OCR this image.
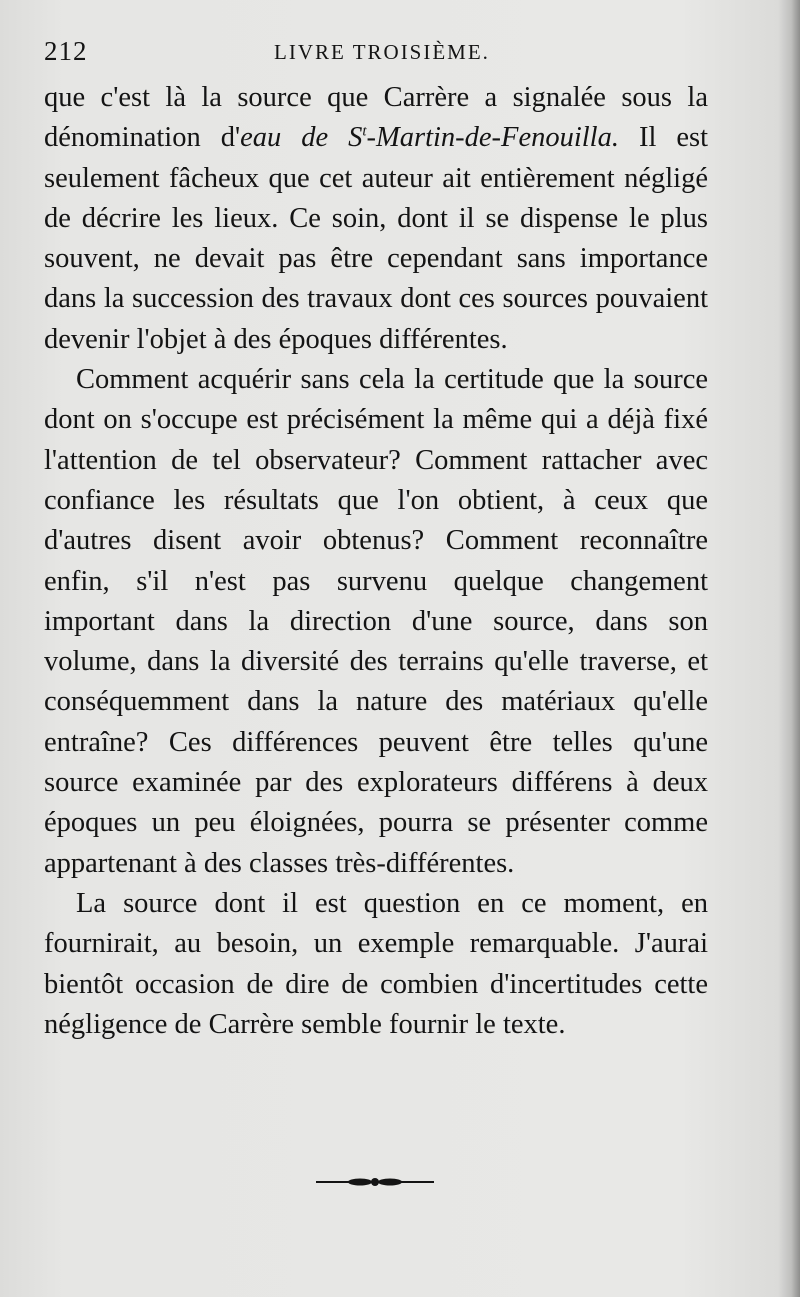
212	LIVRE TROISIÈME.

que c'est là la source que Carrère a signalée sous la dénomination d'eau de $S^t-Martin-de$-Fenouilla. Il est seulement fâcheux que cet auteur ait entièrement négligé de décrire les lieux. Ce soin, dont il se dispense le plus souvent, ne devait pas être cependant sans importance dans la succession des travaux dont ces sources pouvaient devenir l'objet à des époques différentes.

Comment acquérir sans cela la certitude que la source dont on s'occupe est précisément la même qui a déjà fixé l'attention de tel observateur? Comment rattacher avec confiance les résultats que l'on obtient, à ceux que d'autres disent avoir obtenus? Comment reconnaître enfin, s'il n'est pas survenu quelque changement important dans la direction d'une source, dans son volume, dans la diversité des terrains qu'elle traverse, et conséquemment dans la nature des matériaux qu'elle entraîne? Ces différences peuvent être telles qu'une source examinée par des explorateurs différens à deux époques un peu éloignées, pourra se présenter comme appartenant à des classes très-différentes.

La source dont il est question en ce moment, en fournirait, au besoin, un exemple remarquable. J'aurai bientôt occasion de dire de combien d'incertitudes cette négligence de Carrère semble fournir le texte.
